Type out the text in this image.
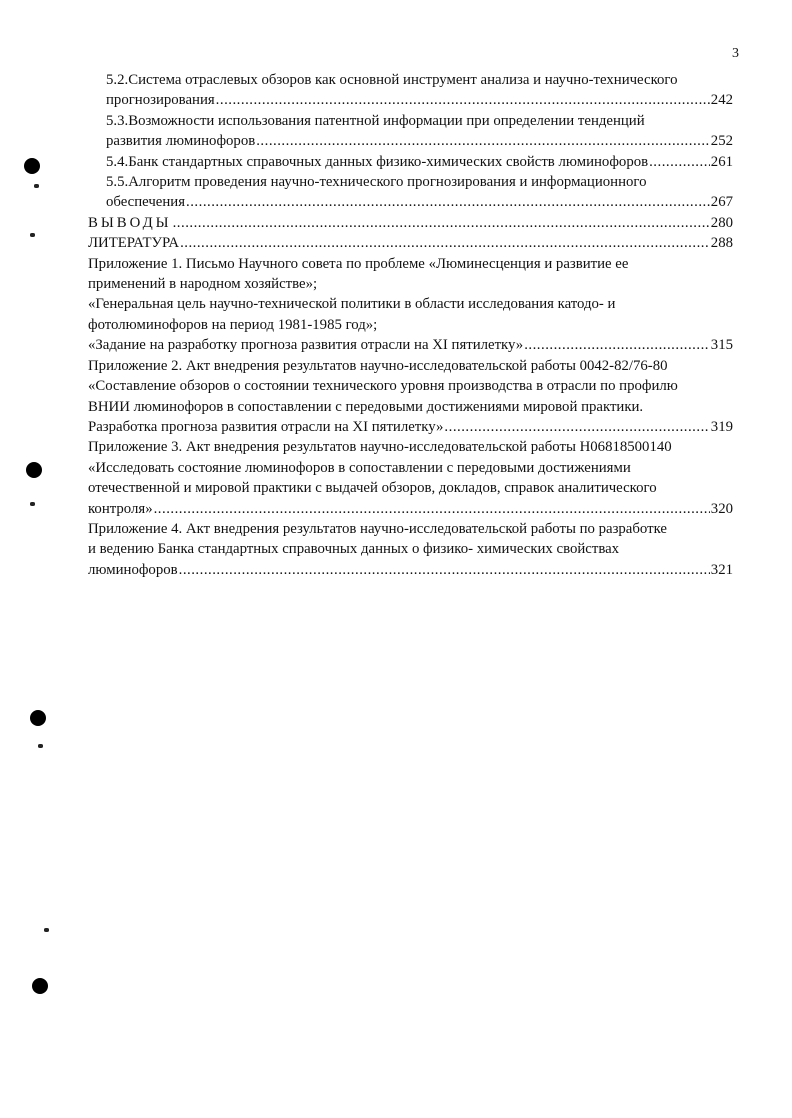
3
5.2.Система отраслевых обзоров как основной инструмент анализа и научно-технического
прогнозирования .....	242
5.3.Возможности использования патентной информации при определении тенденций
развития люминофоров .....	252
5.4.Банк стандартных справочных данных физико-химических свойств люминофоров .....	261
5.5.Алгоритм проведения научно-технического прогнозирования и информационного
обеспечения .....	267
ВЫВОДЫ .....	280
ЛИТЕРАТУРА .....	288
Приложение 1. Письмо Научного совета по проблеме «Люминесценция и развитие ее
применений в народном хозяйстве»;
«Генеральная цель научно-технической политики в области исследования катодо- и
фотолюминофоров на период 1981-1985 год»;
«Задание на разработку прогноза развития отрасли на XI пятилетку» .....	315
Приложение 2. Акт внедрения результатов научно-исследовательской работы 0042-82/76-80
«Составление обзоров о состоянии технического уровня производства в отрасли по профилю
ВНИИ люминофоров в сопоставлении с передовыми достижениями мировой практики.
Разработка прогноза развития отрасли на XI пятилетку» .....	319
Приложение 3. Акт внедрения результатов научно-исследовательской работы Н06818500140
«Исследовать состояние люминофоров в сопоставлении с передовыми достижениями
отечественной и мировой практики с выдачей обзоров, докладов, справок аналитического
контроля» .....	320
Приложение 4. Акт внедрения результатов научно-исследовательской работы по разработке
и ведению Банка стандартных справочных данных о физико- химических свойствах
люминофоров .....	321
